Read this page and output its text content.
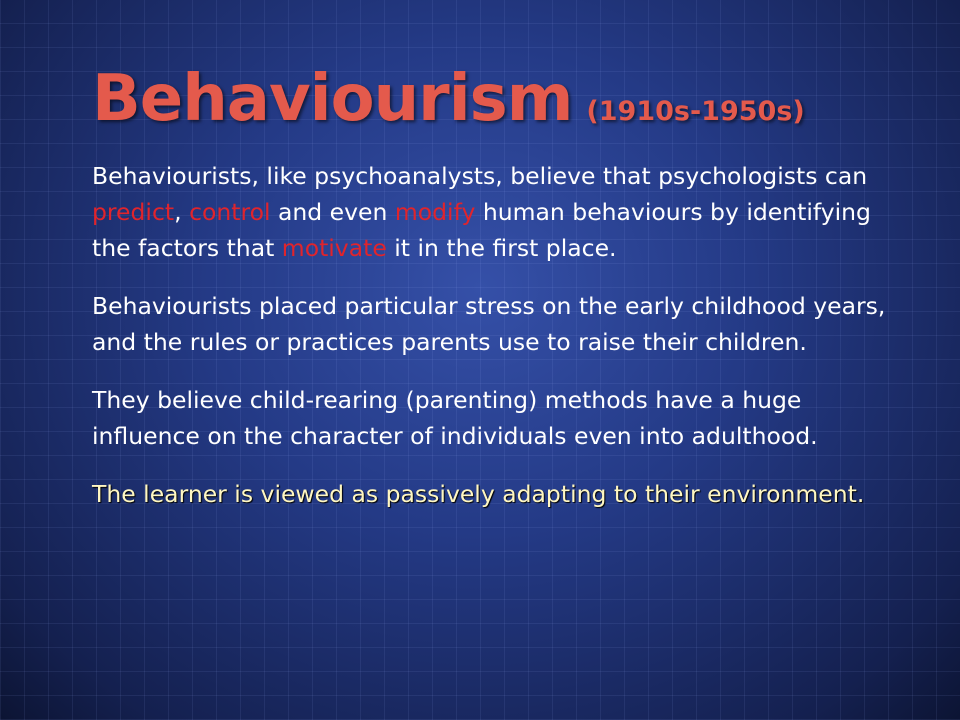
Behaviourism (1910s-1950s)

Behaviourists, like psychoanalysts, believe that psychologists can predict, control and even modify human behaviours by identifying the factors that motivate it in the first place.

Behaviourists placed particular stress on the early childhood years, and the rules or practices parents use to raise their children.

They believe child-rearing (parenting) methods have a huge influence on the character of individuals even into adulthood.

The learner is viewed as passively adapting to their environment.
